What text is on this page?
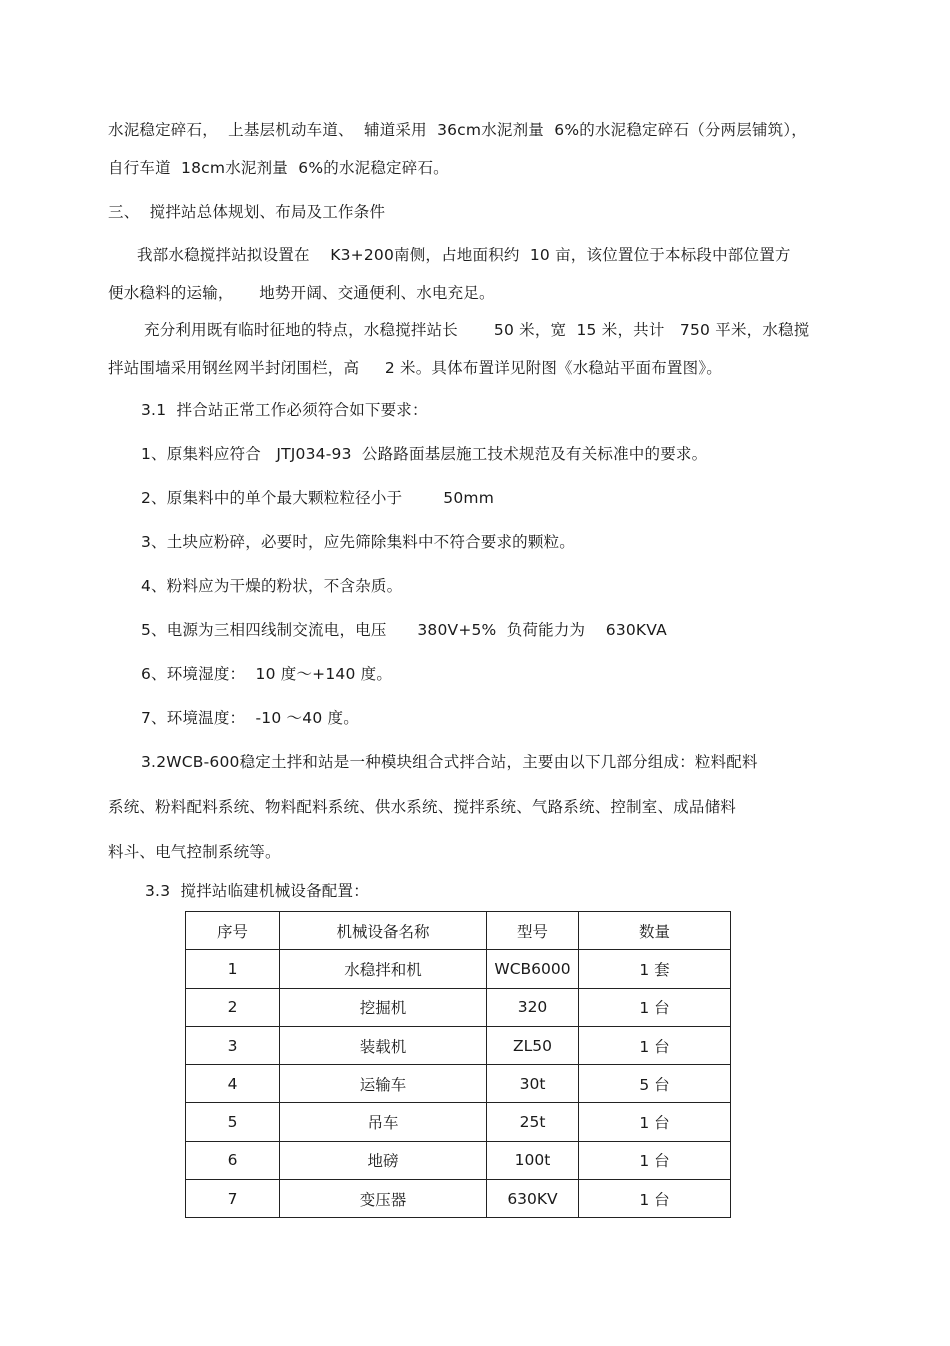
水泥稳定碎石，  上基层机动车道、  辅道采用  36cm水泥剂量  6%的水泥稳定碎石（分两层铺筑），
自行车道  18cm水泥剂量  6%的水泥稳定碎石。
三、  搅拌站总体规划、布局及工作条件
我部水稳搅拌站拟设置在    K3+200南侧，占地面积约  10 亩，该位置位于本标段中部位置方
便水稳料的运输，     地势开阔、交通便利、水电充足。
充分利用既有临时征地的特点，水稳搅拌站长       50 米，宽  15 米，共计   750 平米，水稳搅
拌站围墙采用钢丝网半封闭围栏，高     2 米。具体布置详见附图《水稳站平面布置图》。
3.1  拌合站正常工作必须符合如下要求：
1、原集料应符合   JTJ034-93  公路路面基层施工技术规范及有关标准中的要求。
2、原集料中的单个最大颗粒粒径小于        50mm
3、土块应粉碎，必要时，应先筛除集料中不符合要求的颗粒。
4、粉料应为干燥的粉状，不含杂质。
5、电源为三相四线制交流电，电压      380V+5%  负荷能力为    630KVA
6、环境湿度：  10 度～+140 度。
7、环境温度：  -10 ～40 度。
3.2WCB-600稳定土拌和站是一种模块组合式拌合站，主要由以下几部分组成：粒料配料
系统、粉料配料系统、物料配料系统、供水系统、搅拌系统、气路系统、控制室、成品储料
料斗、电气控制系统等。
3.3  搅拌站临建机械设备配置：
序号	机械设备名称	型号	数量
1	水稳拌和机	WCB6000	1 套
2	挖掘机	320	1 台
3	装载机	ZL50	1 台
4	运输车	30t	5 台
5	吊车	25t	1 台
6	地磅	100t	1 台
7	变压器	630KV	1 台
